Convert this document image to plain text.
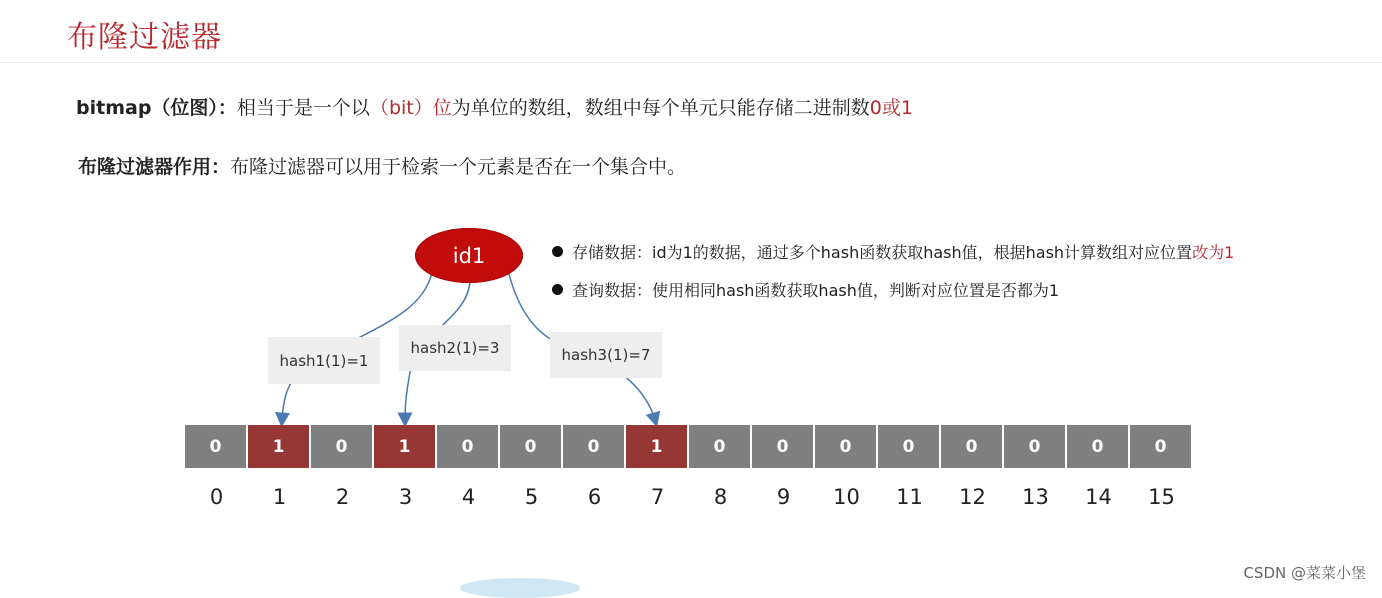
布隆过滤器
bitmap（位图）：相当于是一个以（bit）位为单位的数组，数组中每个单元只能存储二进制数0或1
布隆过滤器作用：布隆过滤器可以用于检索一个元素是否在一个集合中。
id1
hash1(1)=1
hash2(1)=3	hash3(1)=7
存储数据：id为1的数据，通过多个hash函数获取hash值，根据hash计算数组对应位置 改为1
查询数据：使用相同hash函数获取hash值，判断对应位置是否都为1
0	1	0	1	0	0	0	1	0	0	0	0	0	0	0	0
0	1	2	3	4	5	6	7	8	9	10	11	12	13	14	15
CSDN @菜菜小堡
